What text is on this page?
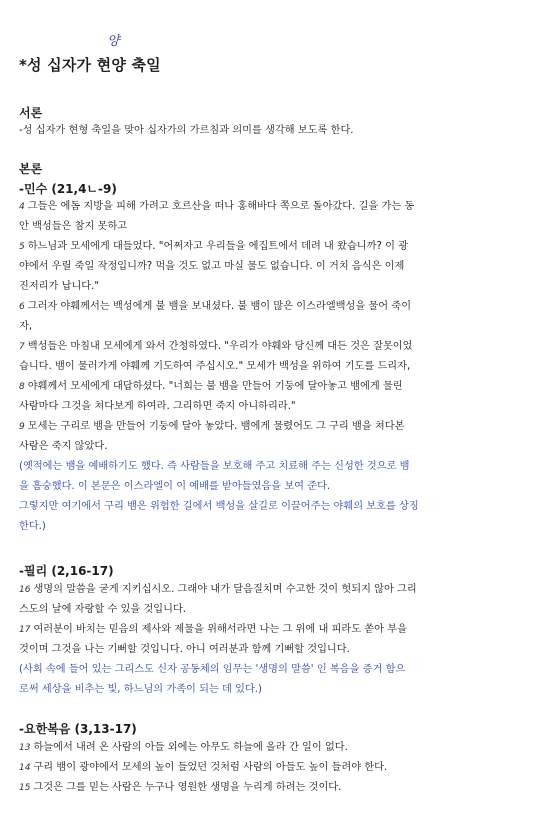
양
*성 십자가 현양 축일
서론
-성 십자가 현형 축일을 맞아 십자가의 가르침과 의미를 생각해 보도록 한다.
본론
-민수 (21,4ㄴ-9)
4 그들은 에돔 지방을 피해 가려고 호르산을 떠나 홍해바다 쪽으로 돌아갔다. 길을 가는 동
안 백성들은 참지 못하고
5 하느님과 모세에게 대들었다. "어쩌자고 우리들을 에집트에서 데려 내 왔습니까? 이 광
야에서 우릴 죽일 작정입니까? 먹을 것도 없고 마실 물도 없습니다. 이 거치 음식은 이제
진저리가 납니다."
6 그러자 야훼께서는 백성에게 불 뱀을 보내셨다. 불 뱀이 많은 이스라엘백성을 물어 죽이
자,
7 백성들은 마침내 모세에게 와서 간청하였다. "우리가 야훼와 당신께 대든 것은 잘못이었
습니다. 뱀이 물러가게 야훼께 기도하여 주십시오." 모세가 백성을 위하여 기도를 드리자,
8 야훼께서 모세에게 대답하셨다. "너희는 불 뱀을 만들어 기둥에 달아놓고 뱀에게 물린
사람마다 그것을 쳐다보게 하여라. 그리하면 죽지 아니하리라."
9 모세는 구리로 뱀을 만들어 기둥에 달아 놓았다. 뱀에게 물렸어도 그 구리 뱀을 쳐다본
사람은 죽지 않았다.
(옛적에는 뱀을 예배하기도 했다. 즉 사람들을 보호해 주고 치료해 주는 신성한 것으로 뱀
을 흠숭했다. 이 본문은 이스라엘이 이 예배를 받아들였음을 보여 준다.
그렇지만 여기에서 구리 뱀은 위험한 길에서 백성을 살길로 이끌어주는 야훼의 보호를 상징
한다.)
-필리 (2,16-17)
16 생명의 말씀을 굳게 지키십시오. 그래야 내가 달음질치며 수고한 것이 헛되지 않아 그리
스도의 날에 자랑할 수 있을 것입니다.
17 여러분이 바치는 믿음의 제사와 제물을 위해서라면 나는 그 위에 내 피라도 쏟아 부을
것이며 그것을 나는 기뻐할 것입니다. 아니 여러분과 함께 기뻐할 것입니다.
(사회 속에 들어 있는 그리스도 신자 공동체의 임무는 '생명의 말씀' 인 복음을 증거 함으
로써 세상을 비추는 빛, 하느님의 가족이 되는 데 있다.)
-요한복음 (3,13-17)
13 하늘에서 내려 온 사람의 아들 외에는 아무도 하늘에 올라 간 일이 없다.
14 구리 뱀이 광야에서 모세의 높이 들었던 것처럼 사람의 아들도 높이 들려야 한다.
15 그것은 그를 믿는 사람은 누구나 영원한 생명을 누리게 하려는 것이다.
